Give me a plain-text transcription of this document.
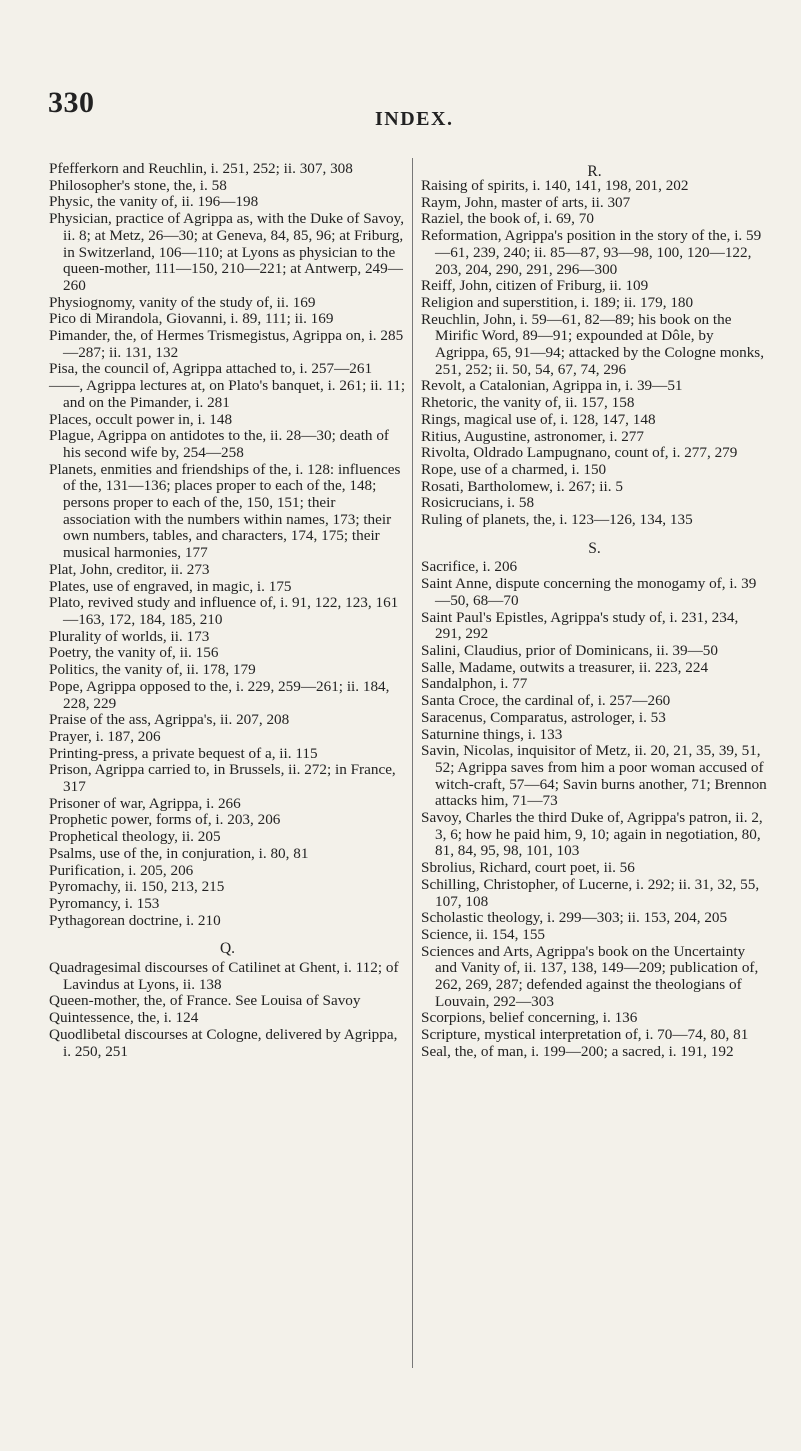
330	INDEX.

Pfefferkorn and Reuchlin, i. 251, 252; ii. 307, 308

Philosopher's stone, the, i. 58

Physic, the vanity of, ii. 196—198

Physician, practice of Agrippa as, with the Duke of Savoy, ii. 8; at Metz, 26—30; at Geneva, 84, 85, 96; at Friburg, in Switzerland, 106—110; at Lyons as physician to the queen-mother, 111—150, 210—221; at Antwerp, 249—260

Physiognomy, vanity of the study of, ii. 169

Pico di Mirandola, Giovanni, i. 89, 111; ii. 169

Pimander, the, of Hermes Trismegistus, Agrippa on, i. 285—287; ii. 131, 132

Pisa, the council of, Agrippa attached to, i. 257—261

——, Agrippa lectures at, on Plato's banquet, i. 261; ii. 11; and on the Pimander, i. 281

Places, occult power in, i. 148

Plague, Agrippa on antidotes to the, ii. 28—30; death of his second wife by, 254—258

Planets, enmities and friendships of the, i. 128: influences of the, 131—136; places proper to each of the, 148; persons proper to each of the, 150, 151; their association with the numbers within names, 173; their own numbers, tables, and characters, 174, 175; their musical harmonies, 177

Plat, John, creditor, ii. 273

Plates, use of engraved, in magic, i. 175

Plato, revived study and influence of, i. 91, 122, 123, 161—163, 172, 184, 185, 210

Plurality of worlds, ii. 173

Poetry, the vanity of, ii. 156

Politics, the vanity of, ii. 178, 179

Pope, Agrippa opposed to the, i. 229, 259—261; ii. 184, 228, 229

Praise of the ass, Agrippa's, ii. 207, 208

Prayer, i. 187, 206

Printing-press, a private bequest of a, ii. 115

Prison, Agrippa carried to, in Brussels, ii. 272; in France, 317

Prisoner of war, Agrippa, i. 266

Prophetic power, forms of, i. 203, 206

Prophetical theology, ii. 205

Psalms, use of the, in conjuration, i. 80, 81

Purification, i. 205, 206

Pyromachy, ii. 150, 213, 215

Pyromancy, i. 153

Pythagorean doctrine, i. 210

Q.

Quadragesimal discourses of Catilinet at Ghent, i. 112; of Lavindus at Lyons, ii. 138

Queen-mother, the, of France. See Louisa of Savoy

Quintessence, the, i. 124

Quodlibetal discourses at Cologne, delivered by Agrippa, i. 250, 251

R.

Raising of spirits, i. 140, 141, 198, 201, 202

Raym, John, master of arts, ii. 307

Raziel, the book of, i. 69, 70

Reformation, Agrippa's position in the story of the, i. 59—61, 239, 240; ii. 85—87, 93—98, 100, 120—122, 203, 204, 290, 291, 296—300

Reiff, John, citizen of Friburg, ii. 109

Religion and superstition, i. 189; ii. 179, 180

Reuchlin, John, i. 59—61, 82—89; his book on the Mirific Word, 89—91; expounded at Dôle, by Agrippa, 65, 91—94; attacked by the Cologne monks, 251, 252; ii. 50, 54, 67, 74, 296

Revolt, a Catalonian, Agrippa in, i. 39—51

Rhetoric, the vanity of, ii. 157, 158

Rings, magical use of, i. 128, 147, 148

Ritius, Augustine, astronomer, i. 277

Rivolta, Oldrado Lampugnano, count of, i. 277, 279

Rope, use of a charmed, i. 150

Rosati, Bartholomew, i. 267; ii. 5

Rosicrucians, i. 58

Ruling of planets, the, i. 123—126, 134, 135

S.

Sacrifice, i. 206

Saint Anne, dispute concerning the monogamy of, i. 39—50, 68—70

Saint Paul's Epistles, Agrippa's study of, i. 231, 234, 291, 292

Salini, Claudius, prior of Dominicans, ii. 39—50

Salle, Madame, outwits a treasurer, ii. 223, 224

Sandalphon, i. 77

Santa Croce, the cardinal of, i. 257—260

Saracenus, Comparatus, astrologer, i. 53

Saturnine things, i. 133

Savin, Nicolas, inquisitor of Metz, ii. 20, 21, 35, 39, 51, 52; Agrippa saves from him a poor woman accused of witch-craft, 57—64; Savin burns another, 71; Brennon attacks him, 71—73

Savoy, Charles the third Duke of, Agrippa's patron, ii. 2, 3, 6; how he paid him, 9, 10; again in negotiation, 80, 81, 84, 95, 98, 101, 103

Sbrolius, Richard, court poet, ii. 56

Schilling, Christopher, of Lucerne, i. 292; ii. 31, 32, 55, 107, 108

Scholastic theology, i. 299—303; ii. 153, 204, 205

Science, ii. 154, 155

Sciences and Arts, Agrippa's book on the Uncertainty and Vanity of, ii. 137, 138, 149—209; publication of, 262, 269, 287; defended against the theologians of Louvain, 292—303

Scorpions, belief concerning, i. 136

Scripture, mystical interpretation of, i. 70—74, 80, 81

Seal, the, of man, i. 199—200; a sacred, i. 191, 192
